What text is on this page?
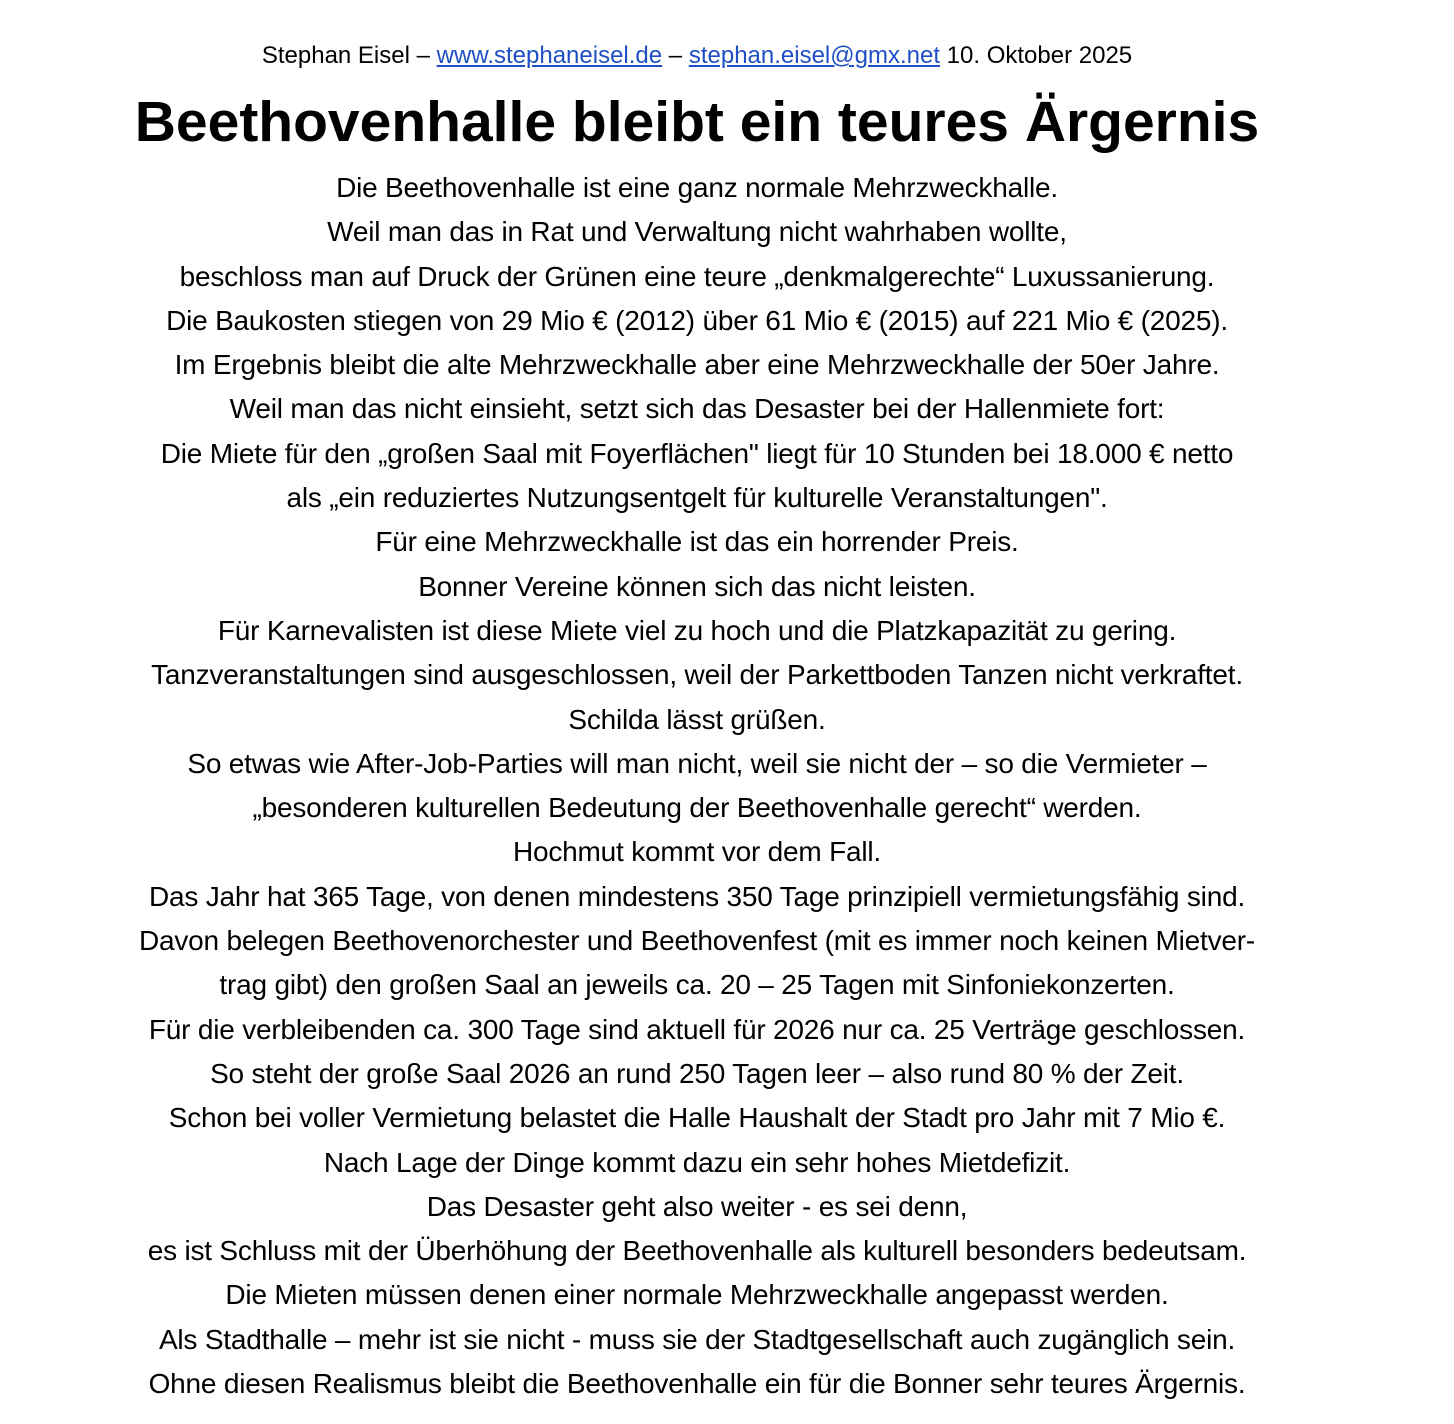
Stephan Eisel – www.stephaneisel.de – stephan.eisel@gmx.net 10. Oktober 2025
Beethovenhalle bleibt ein teures Ärgernis
Die Beethovenhalle ist eine ganz normale Mehrzweckhalle.
Weil man das in Rat und Verwaltung nicht wahrhaben wollte,
beschloss man auf Druck der Grünen eine teure „denkmalgerechte“ Luxussanierung.
Die Baukosten stiegen von 29 Mio € (2012) über 61 Mio € (2015) auf 221 Mio € (2025).
Im Ergebnis bleibt die alte Mehrzweckhalle aber eine Mehrzweckhalle der 50er Jahre.
Weil man das nicht einsieht, setzt sich das Desaster bei der Hallenmiete fort:
Die Miete für den „großen Saal mit Foyerflächen" liegt für 10 Stunden bei 18.000 € netto
als „ein reduziertes Nutzungsentgelt für kulturelle Veranstaltungen".
Für eine Mehrzweckhalle ist das ein horrender Preis.
Bonner Vereine können sich das nicht leisten.
Für Karnevalisten ist diese Miete viel zu hoch und die Platzkapazität zu gering.
Tanzveranstaltungen sind ausgeschlossen, weil der Parkettboden Tanzen nicht verkraftet.
Schilda lässt grüßen.
So etwas wie After-Job-Parties will man nicht, weil sie nicht der – so die Vermieter –
„besonderen kulturellen Bedeutung der Beethovenhalle gerecht“ werden.
Hochmut kommt vor dem Fall.
Das Jahr hat 365 Tage, von denen mindestens 350 Tage prinzipiell vermietungsfähig sind.
Davon belegen Beethovenorchester und Beethovenfest (mit es immer noch keinen Mietver-
trag gibt) den großen Saal an jeweils ca. 20 – 25 Tagen mit Sinfoniekonzerten.
Für die verbleibenden ca. 300 Tage sind aktuell für 2026 nur ca. 25 Verträge geschlossen.
So steht der große Saal 2026 an rund 250 Tagen leer – also rund 80 % der Zeit.
Schon bei voller Vermietung belastet die Halle Haushalt der Stadt pro Jahr mit 7 Mio €.
Nach Lage der Dinge kommt dazu ein sehr hohes Mietdefizit.
Das Desaster geht also weiter - es sei denn,
es ist Schluss mit der Überhöhung der Beethovenhalle als kulturell besonders bedeutsam.
Die Mieten müssen denen einer normale Mehrzweckhalle angepasst werden.
Als Stadthalle – mehr ist sie nicht - muss sie der Stadtgesellschaft auch zugänglich sein.
Ohne diesen Realismus bleibt die Beethovenhalle ein für die Bonner sehr teures Ärgernis.
